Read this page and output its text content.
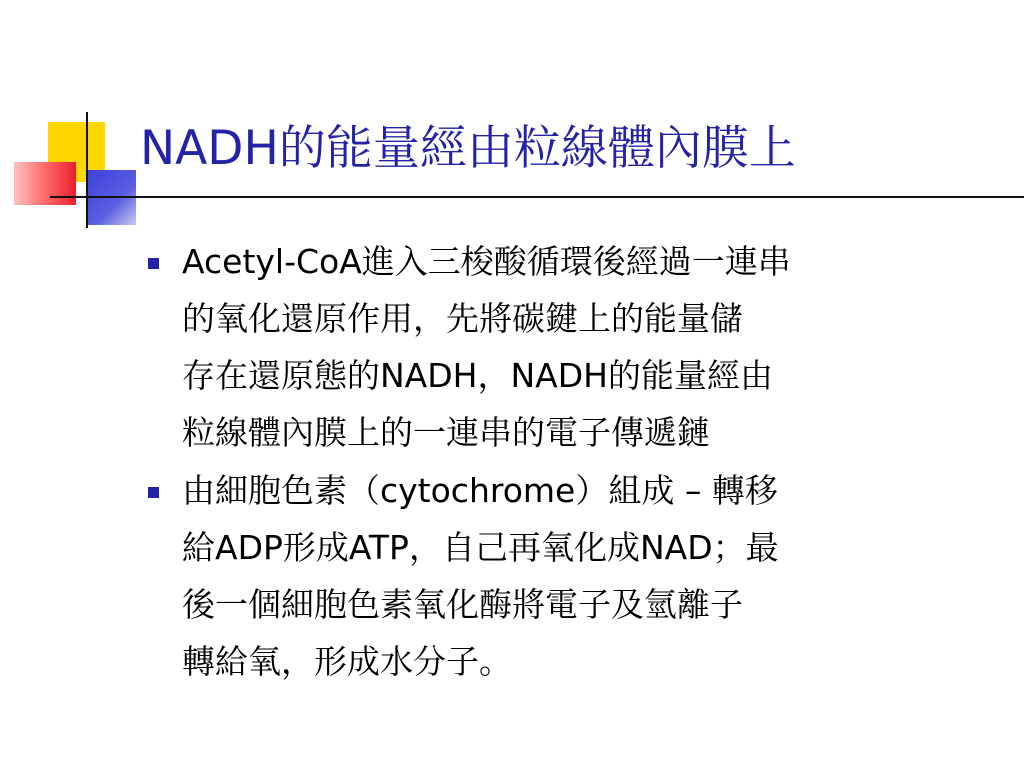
NADH的能量經由粒線體內膜上
Acetyl-CoA進入三梭酸循環後經過一連串
的氧化還原作用，先將碳鍵上的能量儲
存在還原態的NADH，NADH的能量經由
粒線體內膜上的一連串的電子傳遞鏈
由細胞色素（cytochrome）組成 – 轉移
給ADP形成ATP，自己再氧化成NAD；最
後一個細胞色素氧化酶將電子及氫離子
轉給氧，形成水分子。
